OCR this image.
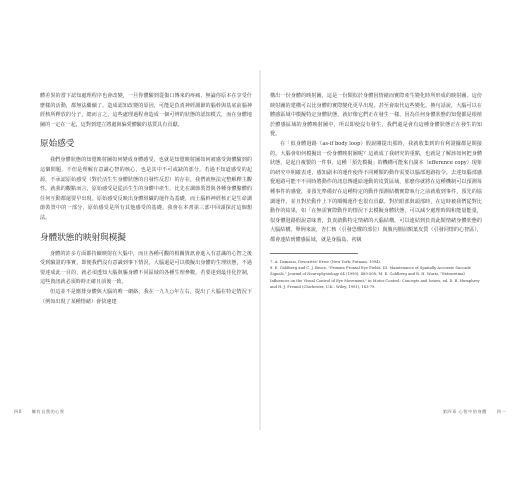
體差異的當下認知處理程序也會改變，一旦你體驗到從傷口傳來的疼痛，無論你原本在享受什麼樣的活動，都無法繼續了。造成認知改變的原因，可能是負責神經調節的腦幹與基底前腦神經核所釋放的分子，總而言之，這些處理過程會造成一個可辨的狀態的認知模式，而在身體地圖的一定在一起，這對到建立將處與偏愛體驗的基質具有貢獻。

原始感受

我們身體狀態的知覺映射圖如何變成身體感受，也就是知覺映射圖如何被感受與體驗到的這個問題，不但是理解有意識心智的核心，也是其中不可或缺的部分。若過不知道感受的起源，不承認原始感受（對於活生生身體狀態的自發性反思）的存在，我們就無法完整解釋主觀性。就我的觀點而言，原始感受是從活生生的身體中產生，比先在調節裝置與各種身體腺體的任何互動都還要早出現。原始感受反映出身體組織的運作為基礎，而土腦幹神經核正是生命調節裝置中的一部分，原始感受是所有其他感受的基礎。我會在本書第三部中回頭探討這個想法。

身體狀態的映射與模擬

身體的許多方面都持續映射在大腦中，而且各種可觀的相關資訊會進入有意識的心智之後受到驗證的事實，即便我們沒有意識到事下情況，大腦還是可以模擬出身體的生理狀態，不過要達成此一目的，就必須透知大腦與軀身體不同區域的各種生理參數，若要達到最佳化控制，這些資訊就必須時時正確且前後一致。

但這並不是應排身體與大腦的唯一網絡，我在一九九○年左右，提出了大腦在特定情況下（例如出現了某種情緒）會快速建

構出一份身體的映射圖，這是一份類似於身體因情緒而實際產生變化時所形成的映射圖。這份映射圖的建構可以比身體的實際變化更早出現，甚至會取代這些變化。換句話說，大腦可以在體感區域中模擬特定身體狀態，就好像它們正在發生一樣，因為任何身體狀態的知覺都是根植於體感區域的身體映射圖中，所以即使沒有發生，我們還是會有這種身體狀態正在發生的知覺。

在「似身體迴路（as-if body loop）假說剛提出那時，我就收集到的有利證據都是間接的。大腦會如何模擬出一份身體映射圖呢？這就成了我研究的重點，也就是了解該如何把身體狀態，是起自複製的一件事，這種「預先模擬」的機構可能來自副本（efference copy）現象的研究中明確表達，感知副本的運作使得不同種類的動作需要以腦部迴路指令。去達知腦部感覺迴路可能不不同時將動作的訊息傳遞給運動的皮質區域，那麼你就將在這種機制可以預測每種事件的感覺，並預先準備好在這種特定的動作預測結構實際執行之前就收到事件，預先的協調運作，並且對於動作上下的順暢運作也很有貢獻。對於眼部與頭部時，在這時被我們從對比動作的結果，如「在無需實際動作的情況下去模擬身體狀態，可以減少處理時間和能量能量，似身體迴路假說意味著，負責啟動特定情緒的大腦結構，可以連結到負責此類情緒身體狀態的大腦結構。舉例來說，杏仁核（引發恐懼的部位）與腹內側前額葉皮質（引發同情的心智區），都會連結到體感區域，就是身腦島、初級

7. A. Damasio, Descartes' Error (New York: Putnam, 1994).

8. E. Goldberg and C. J. Bruce, "Primate Frontal Eye Fields. III. Maintenance of Spatially Accurate Saccade Signals," Journal of Neurophysiology 64 (1990), 489-508; M. E. Goldberg and R. H. Wurtz, "Extraretinal Influences on the Visual Control of Eye Movement," in Motor Control: Concepts and Issues, ed. D. R. Humphrey and H.-J. Freund (Chichester, U.K.: Wiley, 1991), 163-79.

四0 擁有自我的心智	第四章 心智中的身體 四一
